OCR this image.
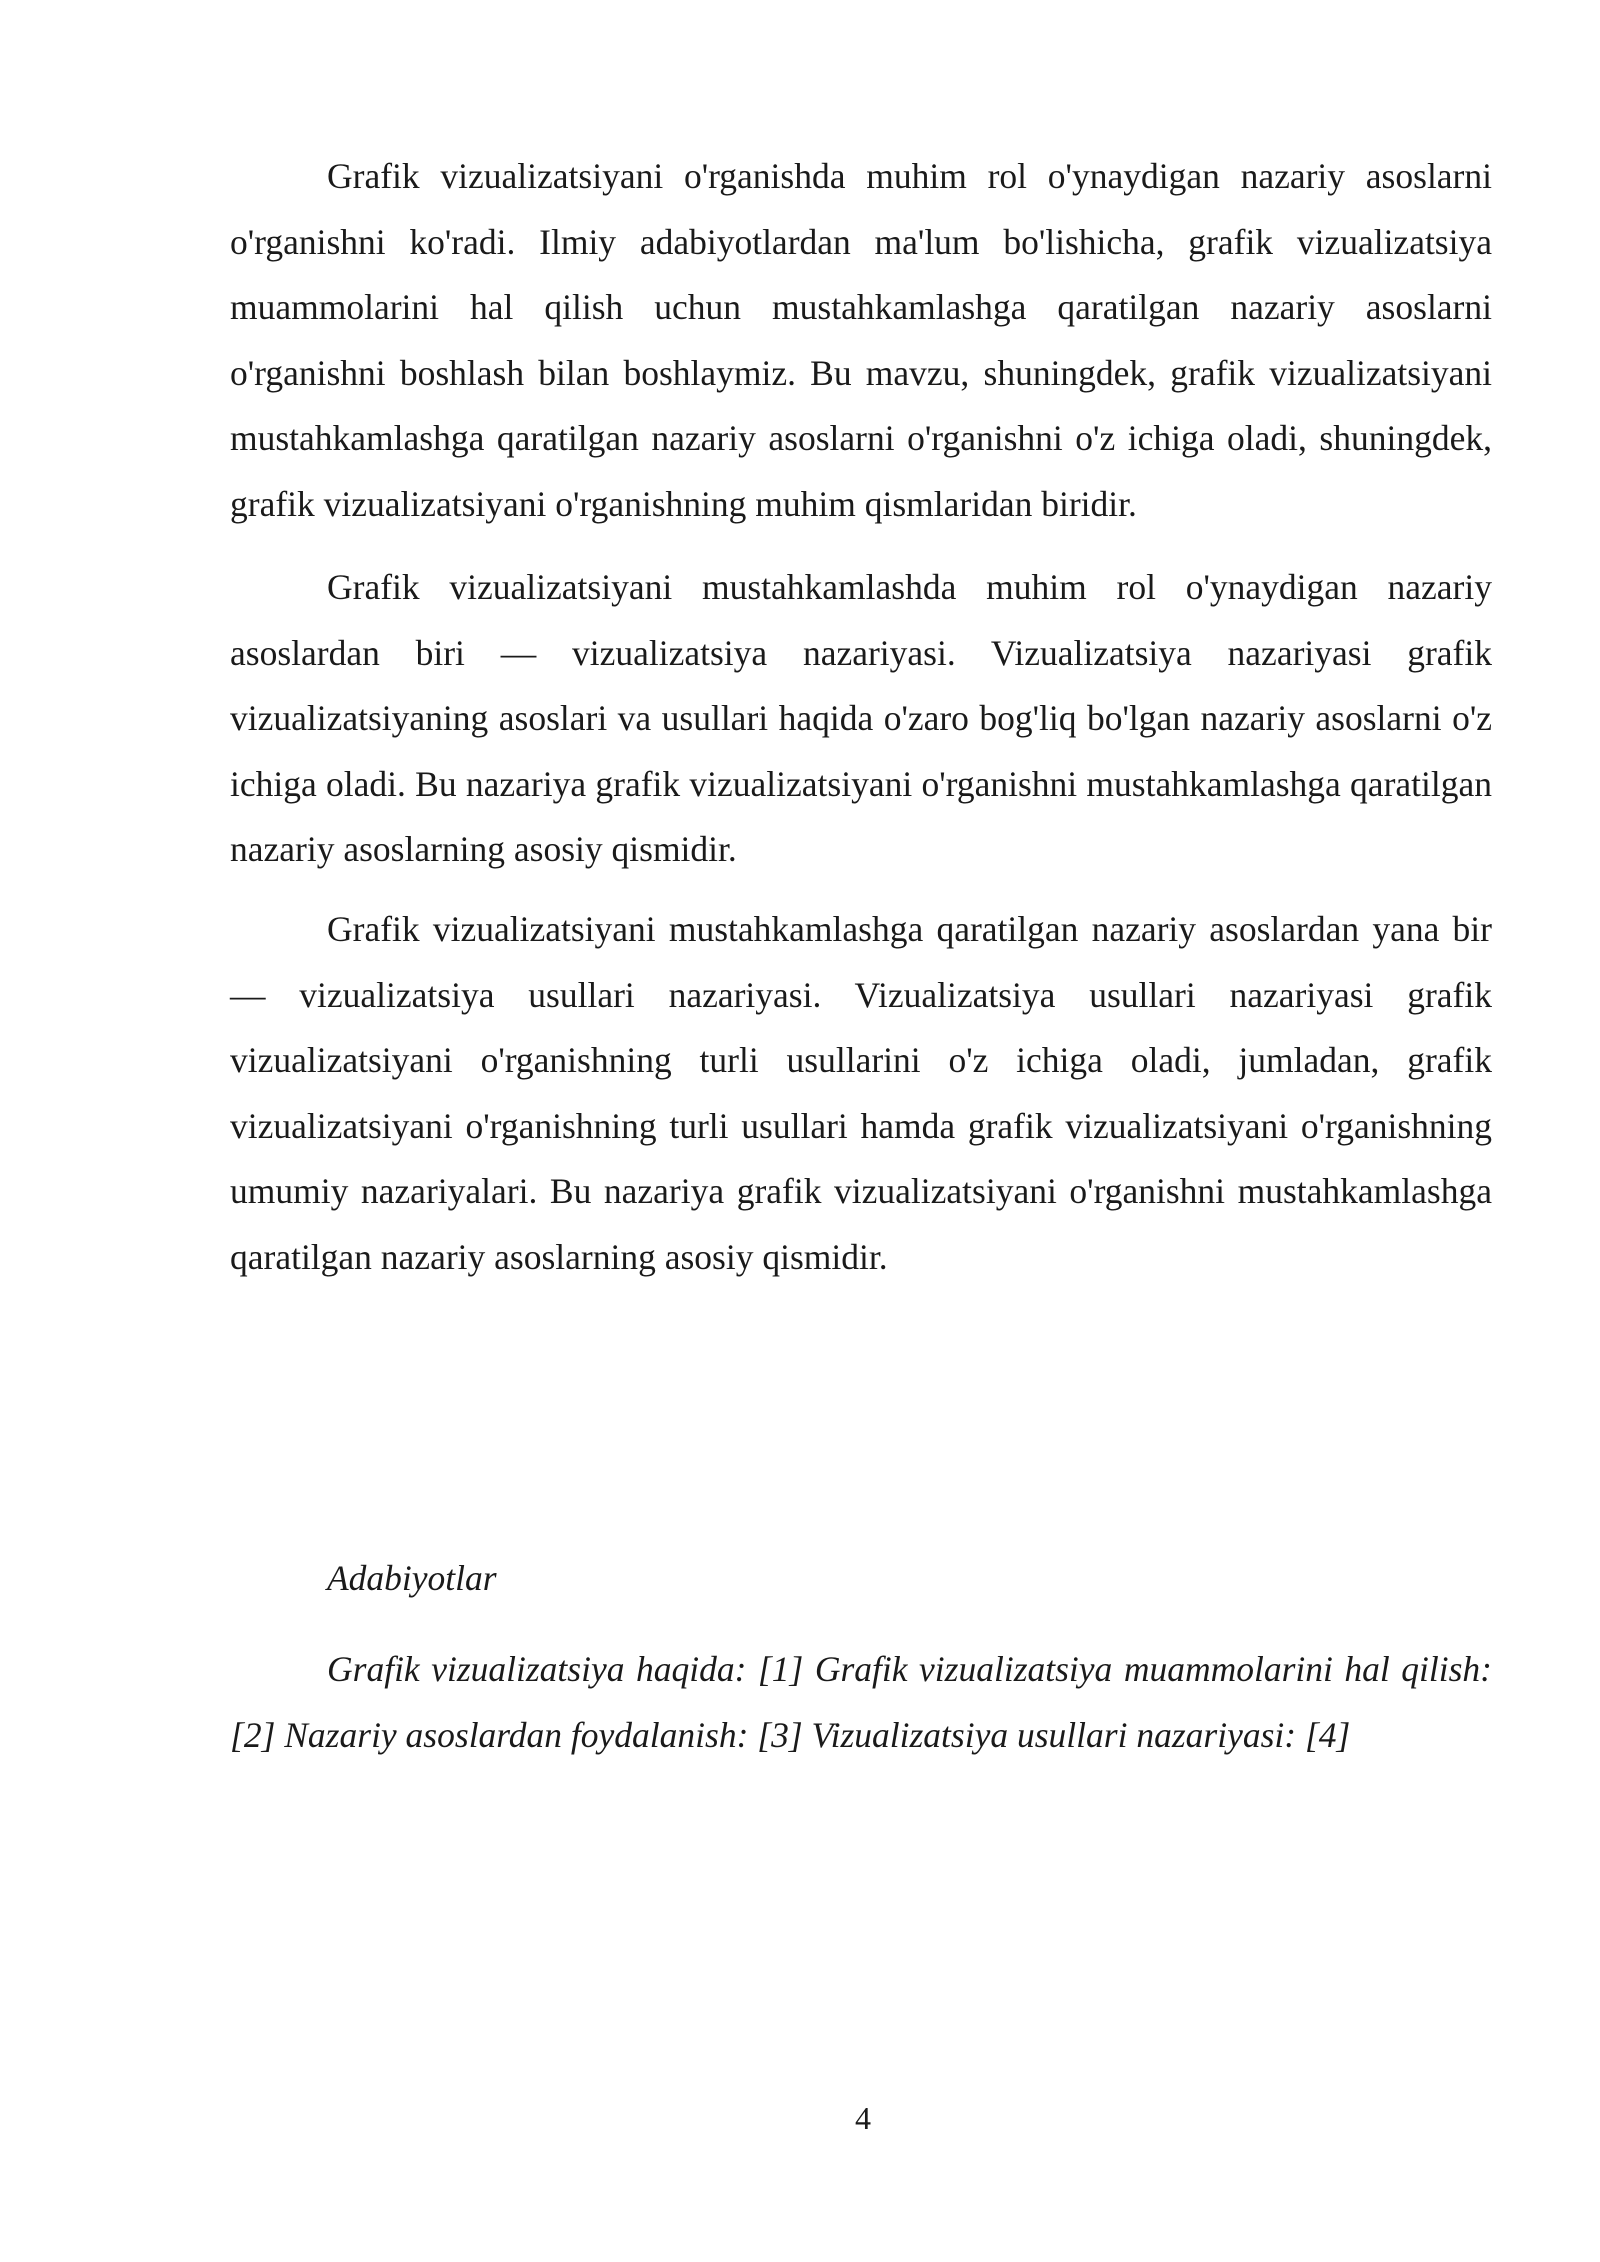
Grafik vizualizatsiyani o'rganishda muhim rol o'ynaydigan nazariy asoslarni o'rganishni ko'radi. Ilmiy adabiyotlardan ma'lum bo'lishicha, grafik vizualizatsiya muammolarini hal qilish uchun mustahkamlashga qaratilgan nazariy asoslarni o'rganishni boshlash bilan boshlaymiz. Bu mavzu, shuningdek, grafik vizualizatsiyani mustahkamlashga qaratilgan nazariy asoslarni o'rganishni o'z ichiga oladi, shuningdek, grafik vizualizatsiyani o'rganishning muhim qismlaridan biridir.

Grafik vizualizatsiyani mustahkamlashda muhim rol o'ynaydigan nazariy asoslardan biri — vizualizatsiya nazariyasi. Vizualizatsiya nazariyasi grafik vizualizatsiyaning asoslari va usullari haqida o'zaro bog'liq bo'lgan nazariy asoslarni o'z ichiga oladi. Bu nazariya grafik vizualizatsiyani o'rganishni mustahkamlashga qaratilgan nazariy asoslarning asosiy qismidir.

Grafik vizualizatsiyani mustahkamlashga qaratilgan nazariy asoslardan yana bir — vizualizatsiya usullari nazariyasi. Vizualizatsiya usullari nazariyasi grafik vizualizatsiyani o'rganishning turli usullarini o'z ichiga oladi, jumladan, grafik vizualizatsiyani o'rganishning turli usullari hamda grafik vizualizatsiyani o'rganishning umumiy nazariyalari. Bu nazariya grafik vizualizatsiyani o'rganishni mustahkamlashga qaratilgan nazariy asoslarning asosiy qismidir.

Adabiyotlar

Grafik vizualizatsiya haqida: [1] Grafik vizualizatsiya muammolarini hal qilish: [2] Nazariy asoslardan foydalanish: [3] Vizualizatsiya usullari nazariyasi: [4]

4
